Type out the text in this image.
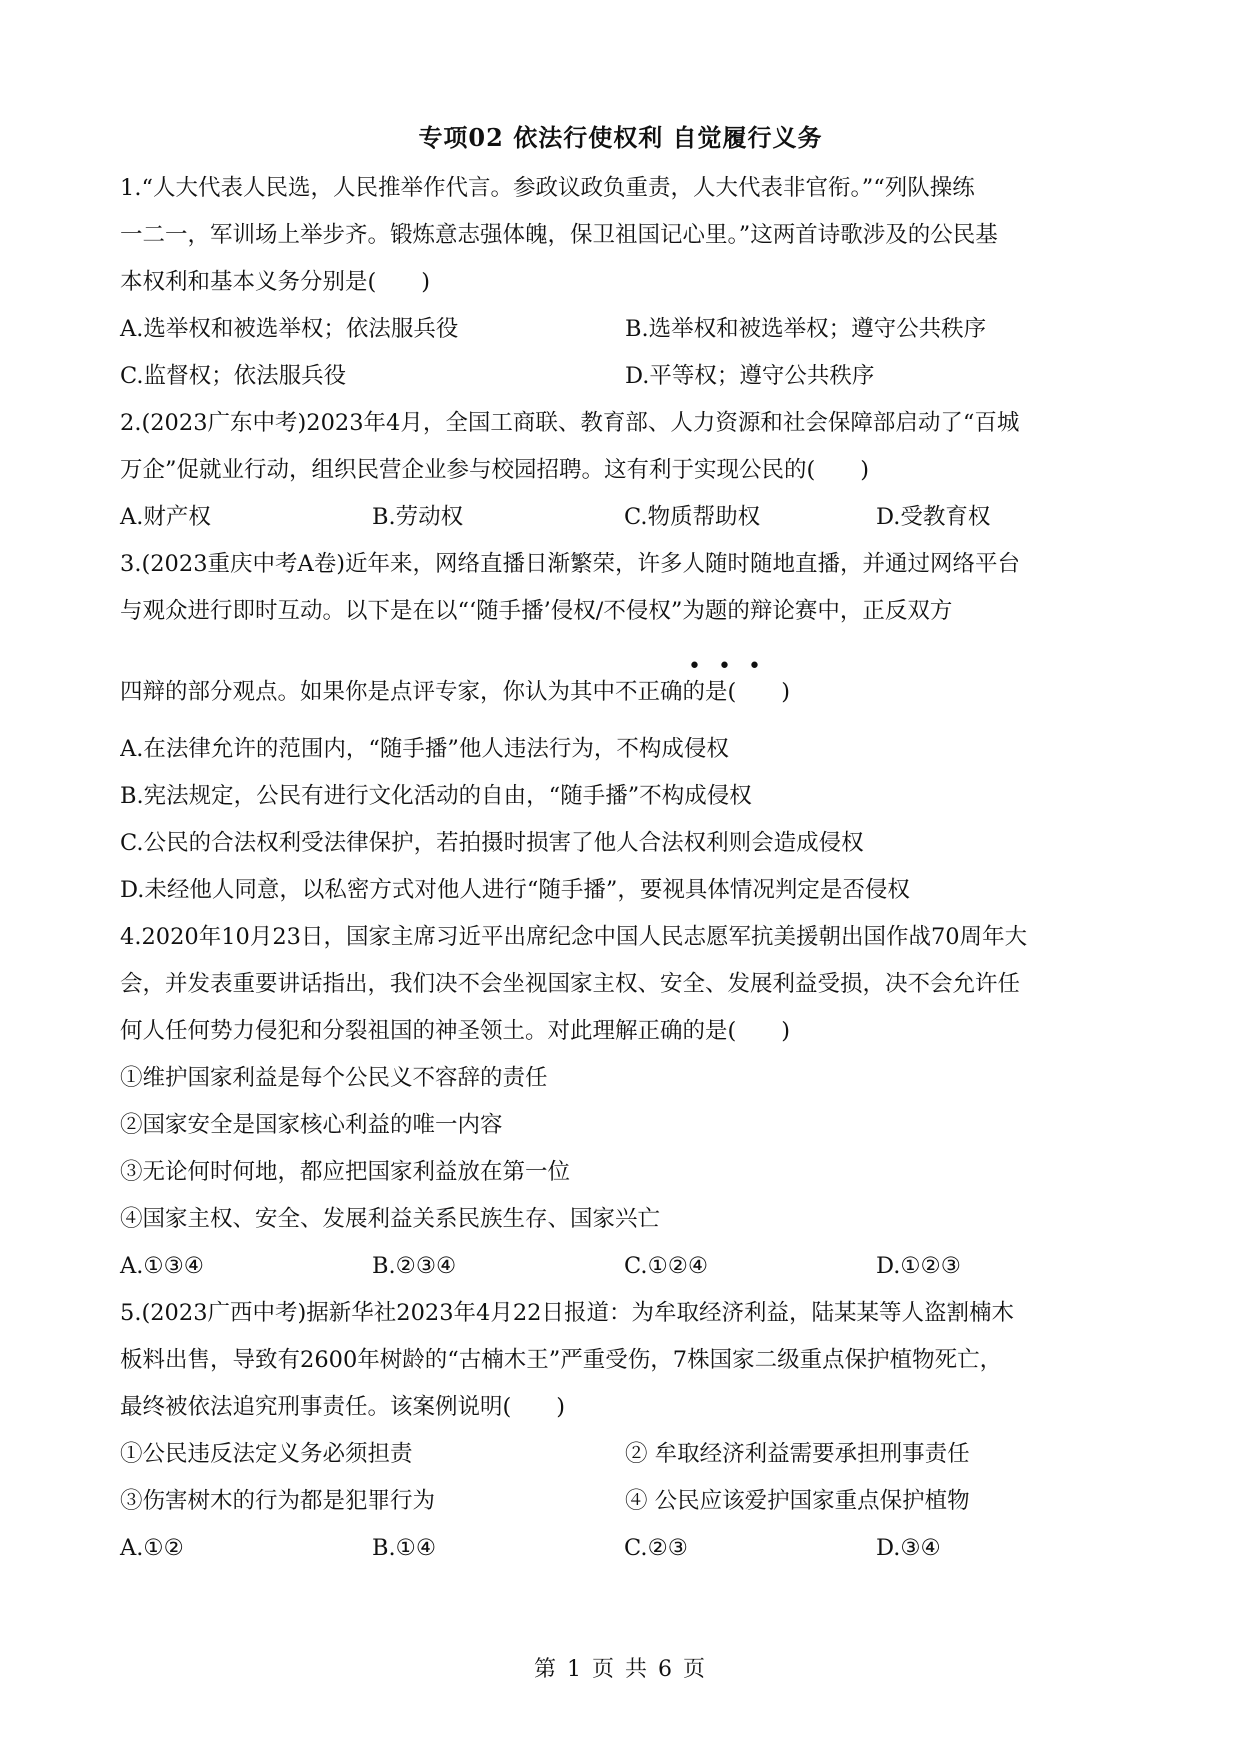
专项02 依法行使权利 自觉履行义务
1.“人大代表人民选，人民推举作代言。参政议政负重责，人大代表非官衔。”“列队操练
一二一，军训场上举步齐。锻炼意志强体魄，保卫祖国记心里。”这两首诗歌涉及的公民基
本权利和基本义务分别是(　　)
A.选举权和被选举权；依法服兵役	B.选举权和被选举权；遵守公共秩序
C.监督权；依法服兵役	D.平等权；遵守公共秩序
2.(2023广东中考)2023年4月，全国工商联、教育部、人力资源和社会保障部启动了“百城
万企”促就业行动，组织民营企业参与校园招聘。这有利于实现公民的(　　)
A.财产权	B.劳动权	C.物质帮助权	D.受教育权
3.(2023重庆中考A卷)近年来，网络直播日渐繁荣，许多人随时随地直播，并通过网络平台
与观众进行即时互动。以下是在以“‘随手播’侵权/不侵权”为题的辩论赛中，正反双方
•••
四辩的部分观点。如果你是点评专家，你认为其中不正确的是(　　)
A.在法律允许的范围内，“随手播”他人违法行为，不构成侵权
B.宪法规定，公民有进行文化活动的自由，“随手播”不构成侵权
C.公民的合法权利受法律保护，若拍摄时损害了他人合法权利则会造成侵权
D.未经他人同意，以私密方式对他人进行“随手播”，要视具体情况判定是否侵权
4.2020年10月23日，国家主席习近平出席纪念中国人民志愿军抗美援朝出国作战70周年大
会，并发表重要讲话指出，我们决不会坐视国家主权、安全、发展利益受损，决不会允许任
何人任何势力侵犯和分裂祖国的神圣领土。对此理解正确的是(　　)
①维护国家利益是每个公民义不容辞的责任
②国家安全是国家核心利益的唯一内容
③无论何时何地，都应把国家利益放在第一位
④国家主权、安全、发展利益关系民族生存、国家兴亡
A.①③④	B.②③④	C.①②④	D.①②③
5.(2023广西中考)据新华社2023年4月22日报道：为牟取经济利益，陆某某等人盗割楠木
板料出售，导致有2600年树龄的“古楠木王”严重受伤，7株国家二级重点保护植物死亡，
最终被依法追究刑事责任。该案例说明(　　)
①公民违反法定义务必须担责	② 牟取经济利益需要承担刑事责任
③伤害树木的行为都是犯罪行为	④ 公民应该爱护国家重点保护植物
A.①②	B.①④	C.②③	D.③④
第 1 页 共 6 页
